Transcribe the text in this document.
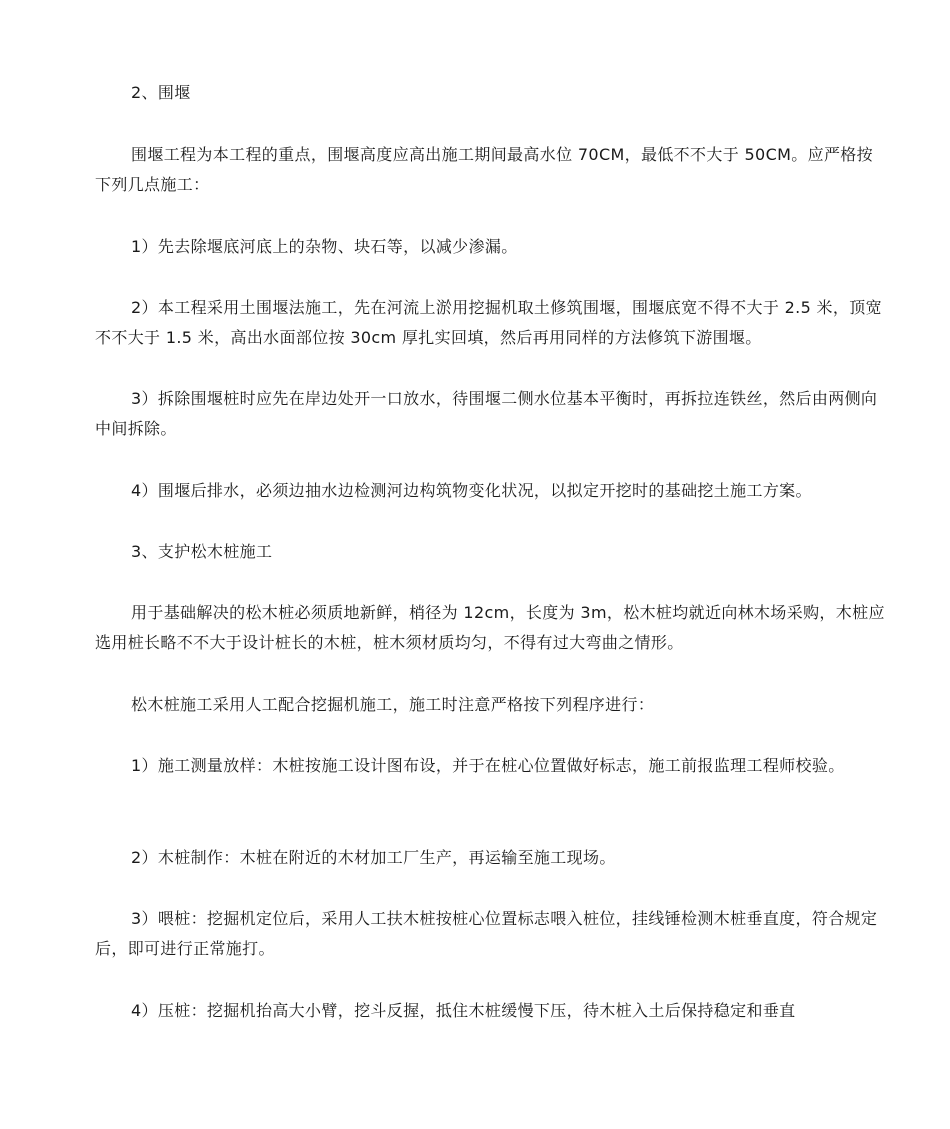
2、围堰

围堰工程为本工程的重点，围堰高度应高出施工期间最高水位 70CM，最低不不大于 50CM。应严格按下列几点施工：

1）先去除堰底河底上的杂物、块石等，以减少渗漏。

2）本工程采用土围堰法施工，先在河流上淤用挖掘机取土修筑围堰，围堰底宽不得不大于 2.5 米，顶宽不不大于 1.5 米，高出水面部位按 30cm 厚扎实回填，然后再用同样的方法修筑下游围堰。

3）拆除围堰桩时应先在岸边处开一口放水，待围堰二侧水位基本平衡时，再拆拉连铁丝，然后由两侧向中间拆除。

4）围堰后排水，必须边抽水边检测河边构筑物变化状况，以拟定开挖时的基础挖土施工方案。

3、支护松木桩施工

用于基础解决的松木桩必须质地新鲜，梢径为 12cm，长度为 3m，松木桩均就近向林木场采购，木桩应选用桩长略不不大于设计桩长的木桩，桩木须材质均匀，不得有过大弯曲之情形。

松木桩施工采用人工配合挖掘机施工，施工时注意严格按下列程序进行：

1）施工测量放样：木桩按施工设计图布设，并于在桩心位置做好标志，施工前报监理工程师校验。

2）木桩制作：木桩在附近的木材加工厂生产，再运输至施工现场。

3）喂桩：挖掘机定位后，采用人工扶木桩按桩心位置标志喂入桩位，挂线锤检测木桩垂直度，符合规定后，即可进行正常施打。

4）压桩：挖掘机抬高大小臂，挖斗反握，抵住木桩缓慢下压，待木桩入土后保持稳定和垂直
